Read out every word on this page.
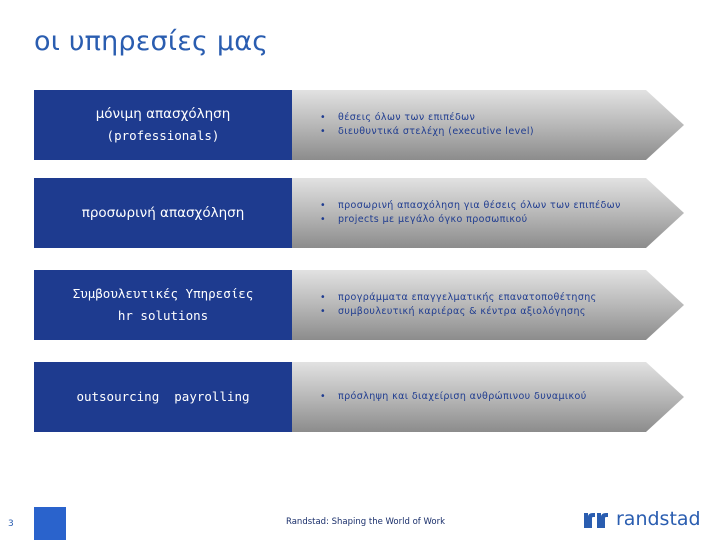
οι υπηρεσίες μας
μόνιμη απασχόληση
(professionals)
• θέσεις όλων των επιπέδων
• διευθυντικά στελέχη (executive level)
προσωρινή απασχόληση	• προσωρινή απασχόληση για θέσεις όλων των επιπέδων
• projects με μεγάλο όγκο προσωπικού
Συμβουλευτικές Υπηρεσίες
hr solutions
• προγράμματα επαγγελματικής επανατοποθέτησης
• συμβουλευτική καριέρας & κέντρα αξιολόγησης
outsourcing  payrolling	• πρόσληψη και διαχείριση ανθρώπινου δυναμικού
3	Randstad: Shaping the World of Work	randstad
